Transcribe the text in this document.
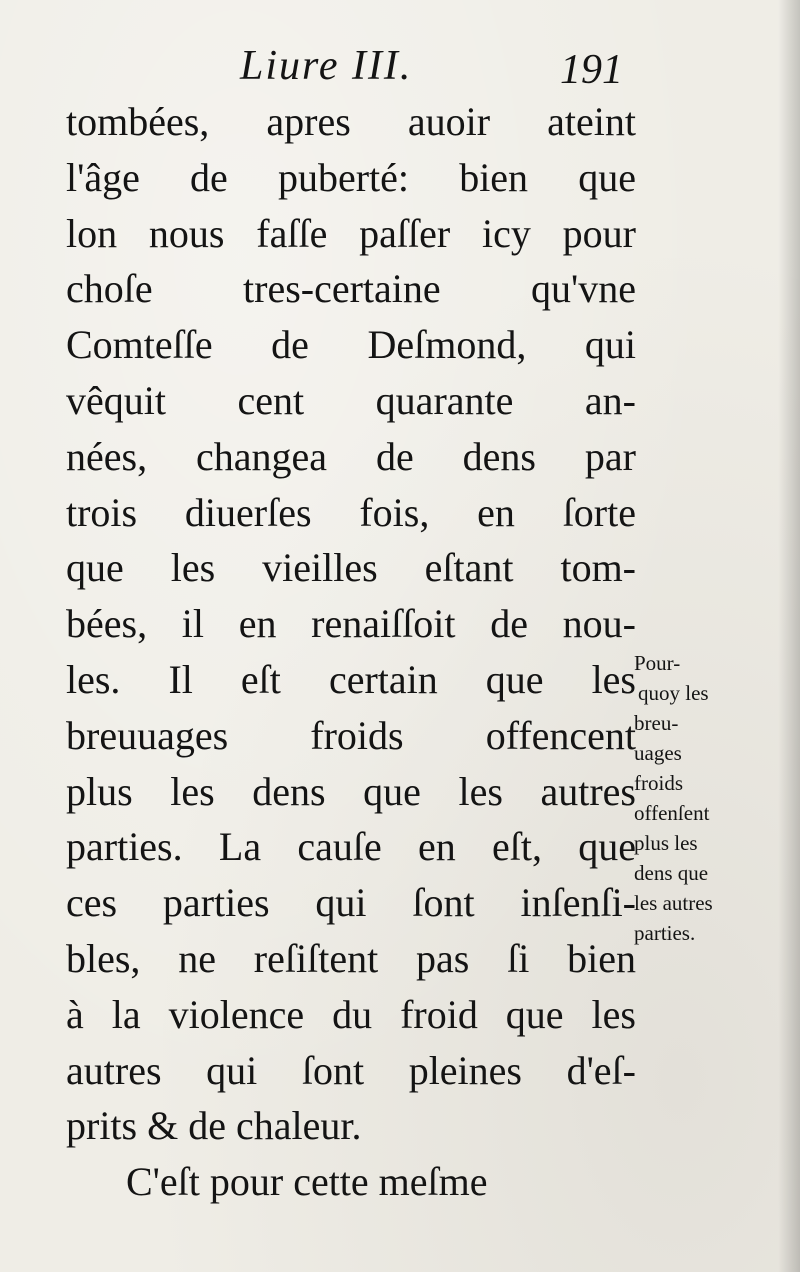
Liure III.	191
tombées, apres auoir ateint
l'âge de puberté: bien que
lon nous faſſe paſſer icy pour
choſe tres-certaine qu'vne
Comteſſe de Deſmond, qui
vêquit cent quarante an-
nées, changea de dens par
trois diuerſes fois, en ſorte
que les vieilles eſtant tom-
bées, il en renaiſſoit de nou-
les. Il eſt certain que les
breuuages froids offencent
plus les dens que les autres
parties. La cauſe en eſt, que
ces parties qui ſont inſenſi-
bles, ne reſiſtent pas ſi bien
à la violence du froid que les
autres qui ſont pleines d'eſ-
prits & de chaleur.
C'eſt pour cette meſme
Pour-
quoy les
breu-
uages
froids
offenſent
plus les
dens que
les autres
parties.
